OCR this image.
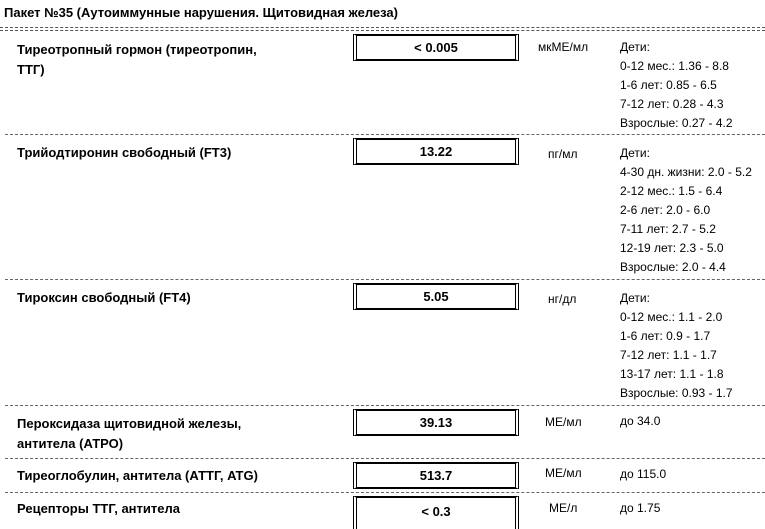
Пакет №35 (Аутоиммунные нарушения. Щитовидная железа)
Тиреотропный гормон (тиреотропин,
ТТГ)
< 0.005	мкМЕ/мл	Дети:
0-12 мес.: 1.36 - 8.8
1-6 лет: 0.85 - 6.5
7-12 лет: 0.28 - 4.3
Взрослые: 0.27 - 4.2
Трийодтиронин свободный (FT3)	13.22	пг/мл	Дети:
4-30 дн. жизни: 2.0 - 5.2
2-12 мес.: 1.5 - 6.4
2-6 лет: 2.0 - 6.0
7-11 лет: 2.7 - 5.2
12-19 лет: 2.3 - 5.0
Взрослые: 2.0 - 4.4
Тироксин свободный (FT4)	5.05	нг/дл	Дети:
0-12 мес.: 1.1 - 2.0
1-6 лет: 0.9 - 1.7
7-12 лет: 1.1 - 1.7
13-17 лет: 1.1 - 1.8
Взрослые: 0.93 - 1.7
Пероксидаза щитовидной железы,
антитела (АТРО)
39.13	МЕ/мл	до 34.0
Тиреоглобулин, антитела (АТТГ, ATG)	513.7	МЕ/мл	до 115.0
Рецепторы ТТГ, антитела	< 0.3	МЕ/л	до 1.75
